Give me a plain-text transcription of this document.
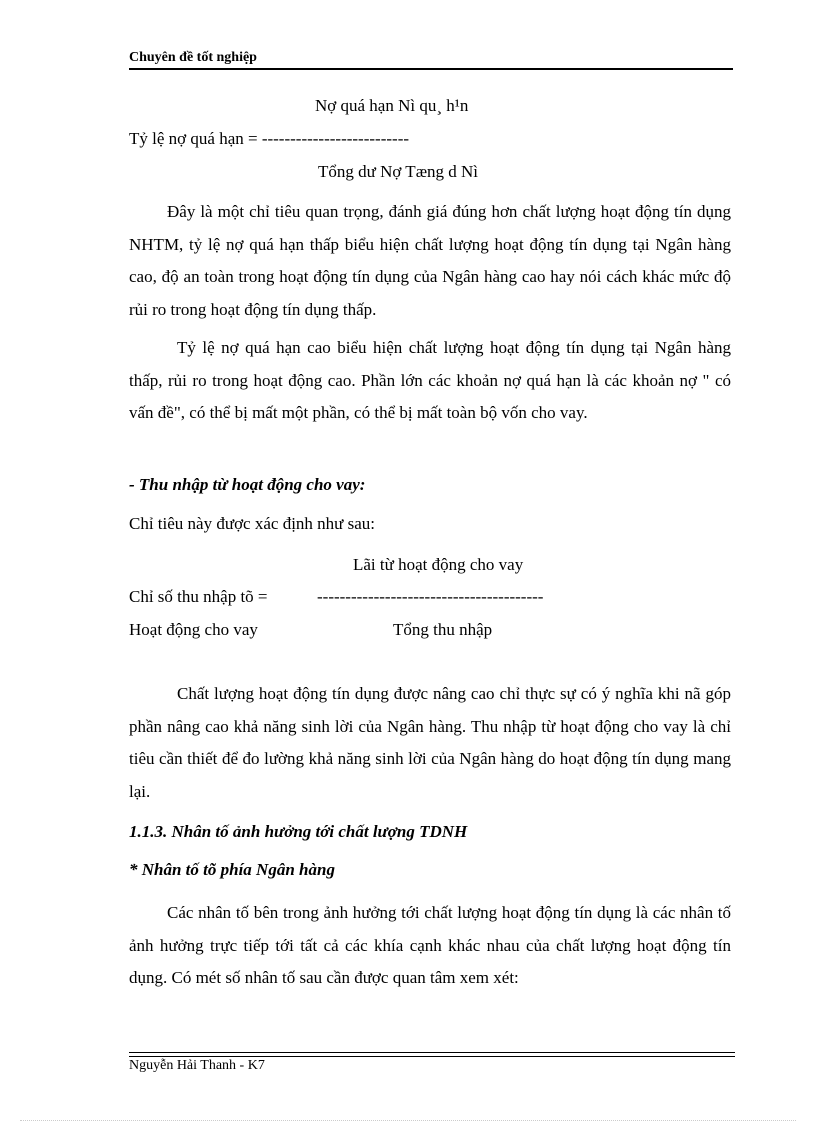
Chuyên đề tốt nghiệp
Nợ quá hạn Nì qu¸ h¹n
Tỷ lệ nợ quá hạn = --------------------------
Tổng dư Nợ Tæng d Nì

Đây là một chỉ tiêu quan trọng, đánh giá đúng hơn chất lượng hoạt động tín dụng NHTM, tỷ lệ nợ quá hạn thấp biểu hiện chất lượng hoạt động tín dụng tại Ngân hàng cao, độ an toàn trong hoạt động tín dụng của Ngân hàng cao hay nói cách khác mức độ rủi ro trong hoạt động tín dụng thấp.

Tỷ lệ nợ quá hạn cao biểu hiện chất lượng hoạt động tín dụng tại Ngân hàng thấp, rủi ro trong hoạt động cao. Phần lớn các khoản nợ quá hạn là các khoản nợ " có vấn đề", có thể bị mất một phần, có thể bị mất toàn bộ vốn cho vay.

- Thu nhập từ hoạt động cho vay:
Chỉ tiêu này được xác định như sau:
Lãi từ hoạt động cho vay
Chỉ số thu nhập tõ =	----------------------------------------
Hoạt động cho vay	Tổng thu nhập

Chất lượng hoạt động tín dụng được nâng cao chỉ thực sự có ý nghĩa khi nã góp phần nâng cao khả năng sinh lời của Ngân hàng. Thu nhập từ hoạt động cho vay là chỉ tiêu cần thiết để đo lường khả năng sinh lời của Ngân hàng do hoạt động tín dụng mang lại.

1.1.3. Nhân tố ảnh hưởng tới chất lượng TDNH
* Nhân tố tõ phía Ngân hàng

Các nhân tố bên trong ảnh hưởng tới chất lượng hoạt động tín dụng là các nhân tố ảnh hưởng trực tiếp tới tất cả các khía cạnh khác nhau của chất lượng hoạt động tín dụng. Có mét số nhân tố sau cần được quan tâm xem xét:

Nguyễn Hải Thanh - K7
